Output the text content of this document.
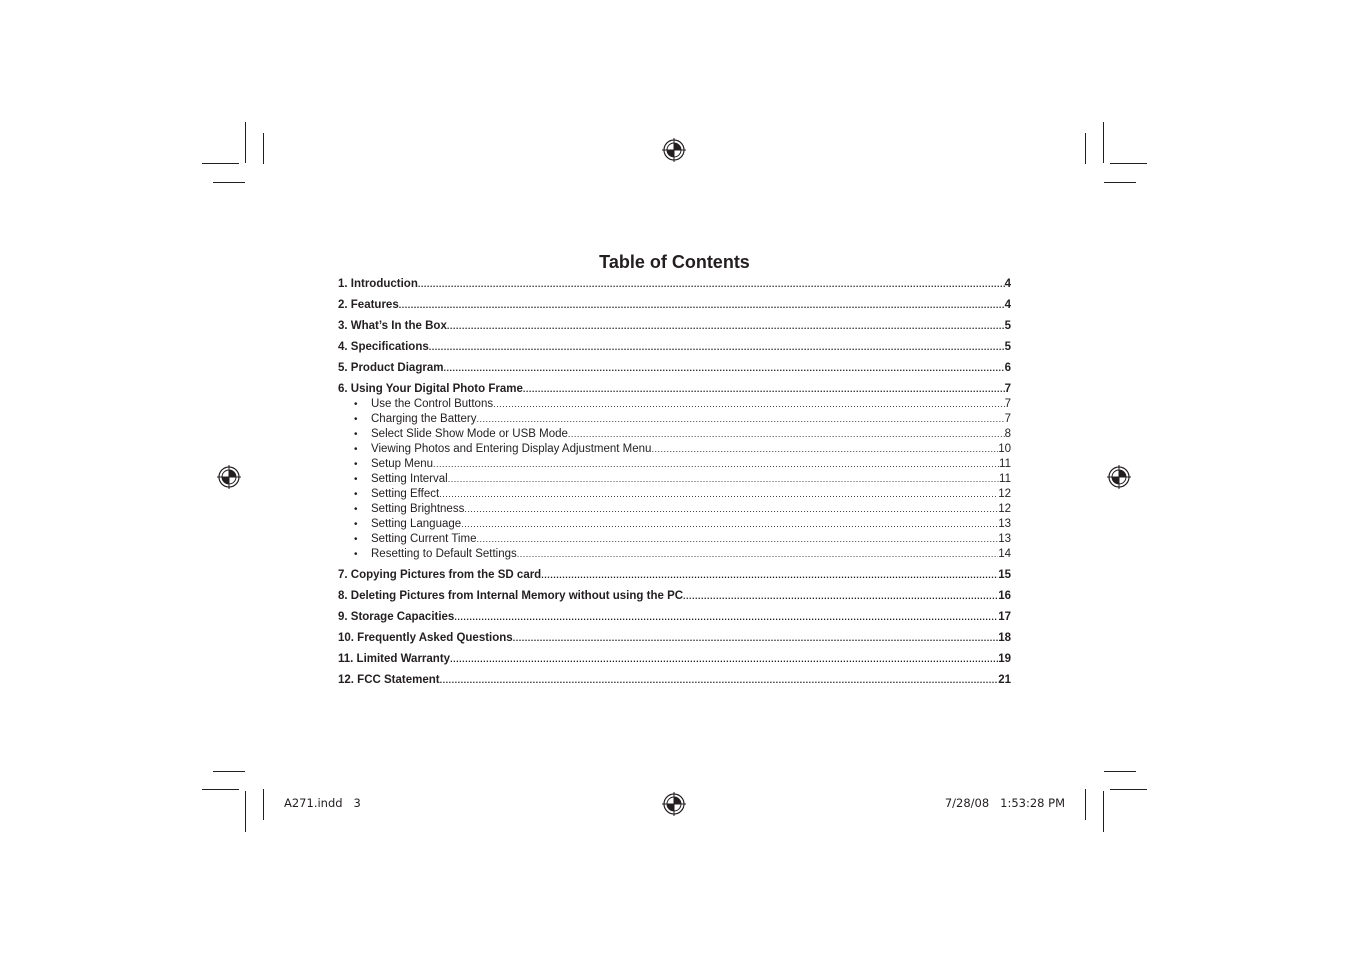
Table of Contents
1. Introduction .....	4
2. Features .....	4
3. What’s In the Box .....	5
4. Specifications .....	5
5. Product Diagram .....	6
6. Using Your Digital Photo Frame .....	7
•	Use the Control Buttons .....	7
•	Charging the Battery .....	7
•	Select Slide Show Mode or USB Mode .....	8
•	Viewing Photos and Entering Display Adjustment Menu .....	10
•	Setup Menu .....	11
•	Setting Interval .....	11
•	Setting Effect .....	12
•	Setting Brightness .....	12
•	Setting Language .....	13
•	Setting Current Time .....	13
•	Resetting to Default Settings .....	14
7. Copying Pictures from the SD card .....	15
8. Deleting Pictures from Internal Memory without using the PC .....	16
9. Storage Capacities .....	17
10. Frequently Asked Questions .....	18
11. Limited Warranty .....	19
12. FCC Statement .....	21
A271.indd   3	7/28/08   1:53:28 PM
